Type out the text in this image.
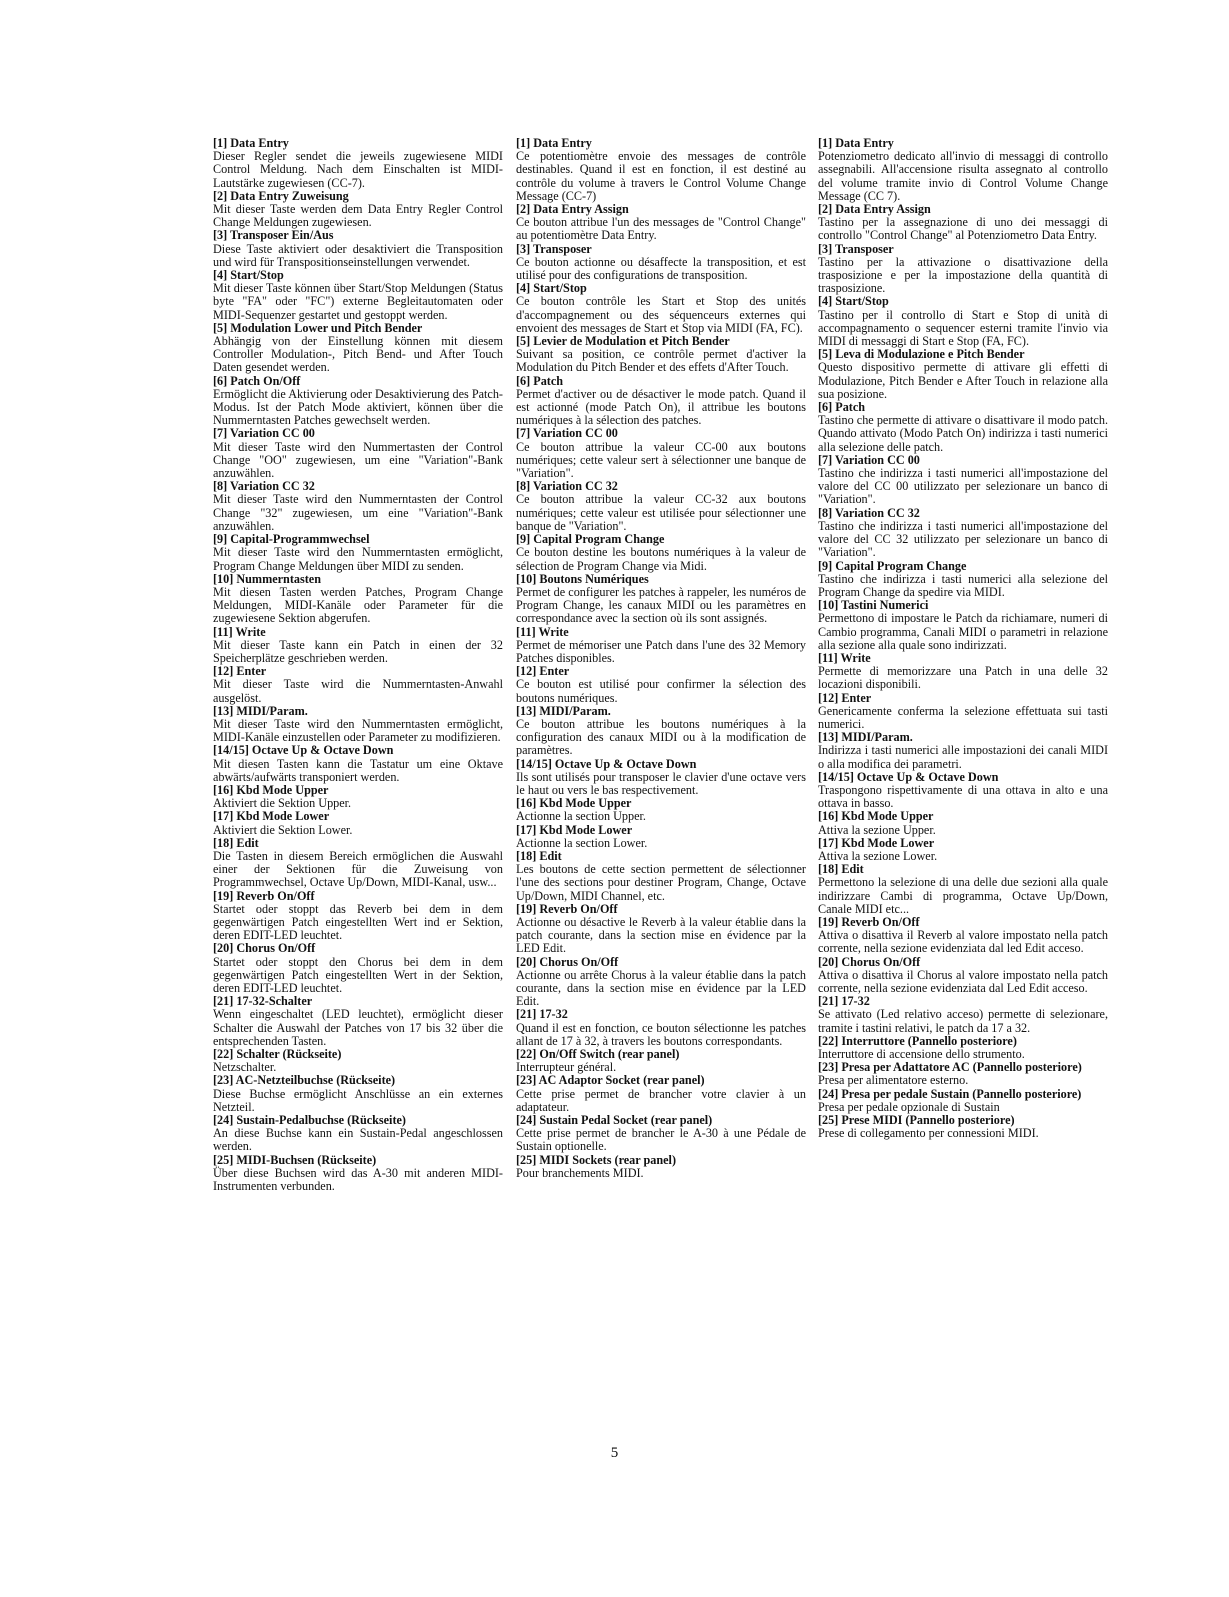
[1] Data Entry
Dieser Regler sendet die jeweils zugewiesene MIDI Control Meldung. Nach dem Einschalten ist MIDI-Lautstärke zugewiesen (CC-7).
[2] Data Entry Zuweisung
Mit dieser Taste werden dem Data Entry Regler Control Change Meldungen zugewiesen.
[3] Transposer Ein/Aus
Diese Taste aktiviert oder desaktiviert die Transposition und wird für Transpositionseinstellungen verwendet.
[4] Start/Stop
Mit dieser Taste können über Start/Stop Meldungen (Status byte "FA" oder "FC") externe Begleitautomaten oder MIDI-Sequenzer gestartet und gestoppt werden.
[5] Modulation Lower und Pitch Bender
Abhängig von der Einstellung können mit diesem Controller Modulation-, Pitch Bend- und After Touch Daten gesendet werden.
[6] Patch On/Off
Ermöglicht die Aktivierung oder Desaktivierung des Patch-Modus. Ist der Patch Mode aktiviert, können über die Nummerntasten Patches gewechselt werden.
[7] Variation CC 00
Mit dieser Taste wird den Nummertasten der Control Change "OO" zugewiesen, um eine "Variation"-Bank anzuwählen.
[8] Variation CC 32
Mit dieser Taste wird den Nummerntasten der Control Change "32" zugewiesen, um eine "Variation"-Bank anzuwählen.
[9] Capital-Programmwechsel
Mit dieser Taste wird den Nummerntasten ermöglicht, Program Change Meldungen über MIDI zu senden.
[10] Nummerntasten
Mit diesen Tasten werden Patches, Program Change Meldungen, MIDI-Kanäle oder Parameter für die zugewiesene Sektion abgerufen.
[11] Write
Mit dieser Taste kann ein Patch in einen der 32 Speicherplätze geschrieben werden.
[12] Enter
Mit dieser Taste wird die Nummerntasten-Anwahl ausgelöst.
[13] MIDI/Param.
Mit dieser Taste wird den Nummerntasten ermöglicht, MIDI-Kanäle einzustellen oder Parameter zu modifizieren.
[14/15] Octave Up & Octave Down
Mit diesen Tasten kann die Tastatur um eine Oktave abwärts/aufwärts transponiert werden.
[16] Kbd Mode Upper
Aktiviert die Sektion Upper.
[17] Kbd Mode Lower
Aktiviert die Sektion Lower.
[18] Edit
Die Tasten in diesem Bereich ermöglichen die Auswahl einer der Sektionen für die Zuweisung von Programmwechsel, Octave Up/Down, MIDI-Kanal, usw...
[19] Reverb On/Off
Startet oder stoppt das Reverb bei dem in dem gegenwärtigen Patch eingestellten Wert ind er Sektion, deren EDIT-LED leuchtet.
[20] Chorus On/Off
Startet oder stoppt den Chorus bei dem in dem gegenwärtigen Patch eingestellten Wert in der Sektion, deren EDIT-LED leuchtet.
[21] 17-32-Schalter
Wenn eingeschaltet (LED leuchtet), ermöglicht dieser Schalter die Auswahl der Patches von 17 bis 32 über die entsprechenden Tasten.
[22] Schalter (Rückseite)
Netzschalter.
[23] AC-Netzteilbuchse (Rückseite)
Diese Buchse ermöglicht Anschlüsse an ein externes Netzteil.
[24] Sustain-Pedalbuchse (Rückseite)
An diese Buchse kann ein Sustain-Pedal angeschlossen werden.
[25] MIDI-Buchsen (Rückseite)
Über diese Buchsen wird das A-30 mit anderen MIDI-Instrumenten verbunden.
[1] Data Entry
Ce potentiomètre envoie des messages de contrôle destinables. Quand il est en fonction, il est destiné au contrôle du volume à travers le Control Volume Change Message (CC-7)
[2] Data Entry Assign
Ce bouton attribue l'un des messages de "Control Change" au potentiomètre Data Entry.
[3] Transposer
Ce bouton actionne ou désaffecte la transposition, et est utilisé pour des configurations de transposition.
[4] Start/Stop
Ce bouton contrôle les Start et Stop des unités d'accompagnement ou des séquenceurs externes qui envoient des messages de Start et Stop via MIDI (FA, FC).
[5] Levier de Modulation et Pitch Bender
Suivant sa position, ce contrôle permet d'activer la Modulation du Pitch Bender et des effets d'After Touch.
[6] Patch
Permet d'activer ou de désactiver le mode patch. Quand il est actionné (mode Patch On), il attribue les boutons numériques à la sélection des patches.
[7] Variation CC 00
Ce bouton attribue la valeur CC-00 aux boutons numériques; cette valeur sert à sélectionner une banque de "Variation".
[8] Variation CC 32
Ce bouton attribue la valeur CC-32 aux boutons numériques; cette valeur est utilisée pour sélectionner une banque de "Variation".
[9] Capital Program Change
Ce bouton destine les boutons numériques à la valeur de sélection de Program Change via Midi.
[10] Boutons Numériques
Permet de configurer les patches à rappeler, les numéros de Program Change, les canaux MIDI ou les paramètres en correspondance avec la section où ils sont assignés.
[11] Write
Permet de mémoriser une Patch dans l'une des 32 Memory Patches disponibles.
[12] Enter
Ce bouton est utilisé pour confirmer la sélection des boutons numériques.
[13] MIDI/Param.
Ce bouton attribue les boutons numériques à la configuration des canaux MIDI ou à la modification de paramètres.
[14/15] Octave Up & Octave Down
Ils sont utilisés pour transposer le clavier d'une octave vers le haut ou vers le bas respectivement.
[16] Kbd Mode Upper
Actionne la section Upper.
[17] Kbd Mode Lower
Actionne la section Lower.
[18] Edit
Les boutons de cette section permettent de sélectionner l'une des sections pour destiner Program, Change, Octave Up/Down, MIDI Channel, etc.
[19] Reverb On/Off
Actionne ou désactive le Reverb à la valeur établie dans la patch courante, dans la section mise en évidence par la LED Edit.
[20] Chorus On/Off
Actionne ou arrête Chorus à la valeur établie dans la patch courante, dans la section mise en évidence par la LED Edit.
[21] 17-32
Quand il est en fonction, ce bouton sélectionne les patches allant de 17 à 32, à travers les boutons correspondants.
[22] On/Off Switch (rear panel)
Interrupteur général.
[23] AC Adaptor Socket (rear panel)
Cette prise permet de brancher votre clavier à un adaptateur.
[24] Sustain Pedal Socket (rear panel)
Cette prise permet de brancher le A-30 à une Pédale de Sustain optionelle.
[25] MIDI Sockets (rear panel)
Pour branchements MIDI.
[1] Data Entry
Potenziometro dedicato all'invio di messaggi di controllo assegnabili. All'accensione risulta assegnato al controllo del volume tramite invio di Control Volume Change Message (CC 7).
[2] Data Entry Assign
Tastino per la assegnazione di uno dei messaggi di controllo "Control Change" al Potenziometro Data Entry.
[3] Transposer
Tastino per la attivazione o disattivazione della trasposizione e per la impostazione della quantità di trasposizione.
[4] Start/Stop
Tastino per il controllo di Start e Stop di unità di accompagnamento o sequencer esterni tramite l'invio via MIDI di messaggi di Start e Stop (FA, FC).
[5] Leva di Modulazione e Pitch Bender
Questo dispositivo permette di attivare gli effetti di Modulazione, Pitch Bender e After Touch in relazione alla sua posizione.
[6] Patch
Tastino che permette di attivare o disattivare il modo patch. Quando attivato (Modo Patch On) indirizza i tasti numerici alla selezione delle patch.
[7] Variation CC 00
Tastino che indirizza i tasti numerici all'impostazione del valore del CC 00 utilizzato per selezionare un banco di "Variation".
[8] Variation CC 32
Tastino che indirizza i tasti numerici all'impostazione del valore del CC 32 utilizzato per selezionare un banco di "Variation".
[9] Capital Program Change
Tastino che indirizza i tasti numerici alla selezione del Program Change da spedire via MIDI.
[10] Tastini Numerici
Permettono di impostare le Patch da richiamare, numeri di Cambio programma, Canali MIDI o parametri in relazione alla sezione alla quale sono indirizzati.
[11] Write
Permette di memorizzare una Patch in una delle 32 locazioni disponibili.
[12] Enter
Genericamente conferma la selezione effettuata sui tasti numerici.
[13] MIDI/Param.
Indirizza i tasti numerici alle impostazioni dei canali MIDI o alla modifica dei parametri.
[14/15] Octave Up & Octave Down
Traspongono rispettivamente di una ottava in alto e una ottava in basso.
[16] Kbd Mode Upper
Attiva la sezione Upper.
[17] Kbd Mode Lower
Attiva la sezione Lower.
[18] Edit
Permettono la selezione di una delle due sezioni alla quale indirizzare Cambi di programma, Octave Up/Down, Canale MIDI etc...
[19] Reverb On/Off
Attiva o disattiva il Reverb al valore impostato nella patch corrente, nella sezione evidenziata dal led Edit acceso.
[20] Chorus On/Off
Attiva o disattiva il Chorus al valore impostato nella patch corrente, nella sezione evidenziata dal Led Edit acceso.
[21] 17-32
Se attivato (Led relativo acceso) permette di selezionare, tramite i tastini relativi, le patch da 17 a 32.
[22] Interruttore (Pannello posteriore)
Interruttore di accensione dello strumento.
[23] Presa per Adattatore AC (Pannello posteriore)
Presa per alimentatore esterno.
[24] Presa per pedale Sustain (Pannello posteriore)
Presa per pedale opzionale di Sustain
[25] Prese MIDI (Pannello posteriore)
Prese di collegamento per connessioni MIDI.
5
